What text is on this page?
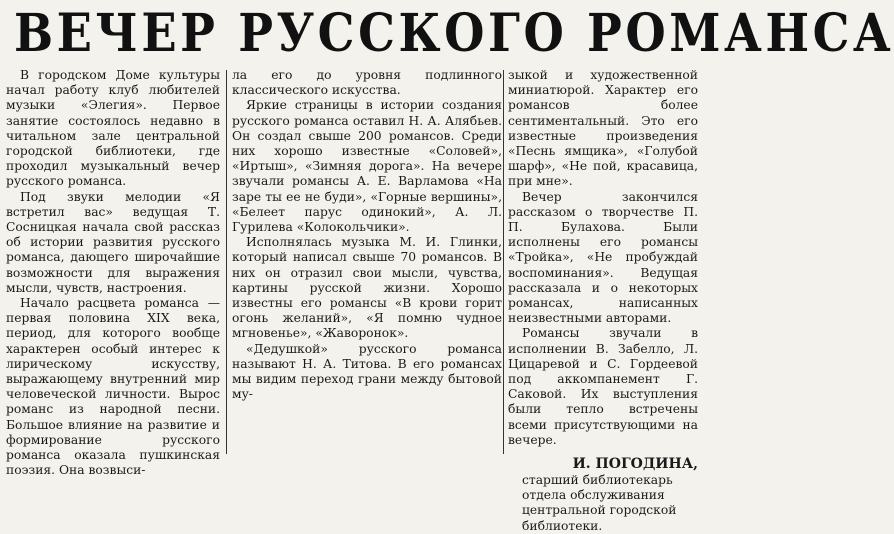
ВЕЧЕР РУССКОГО РОМАНСА

В городском Доме культуры начал работу клуб любителей музыки «Элегия». Первое занятие состоялось недавно в читальном зале центральной городской библиотеки, где проходил музыкальный вечер русского романса.

Под звуки мелодии «Я встретил вас» ведущая Т. Сосницкая начала свой рассказ об истории развития русского романса, дающего широчайшие возможности для выражения мысли, чувств, настроения.

Начало расцвета романса — первая половина XIX века, период, для которого вообще характерен особый интерес к лирическому искусству, выражающему внутренний мир человеческой личности. Вырос романс из народной песни. Большое влияние на развитие и формирование русского романса оказала пушкинская поэзия. Она возвыси-

ла его до уровня подлинного классического искусства.

Яркие страницы в истории создания русского романса оставил Н. А. Алябьев. Он создал свыше 200 романсов. Среди них хорошо известные «Соловей», «Иртыш», «Зимняя дорога». На вечере звучали романсы А. Е. Варламова «На заре ты ее не буди», «Горные вершины», «Белеет парус одинокий», А. Л. Гурилева «Колокольчики».

Исполнялась музыка М. И. Глинки, который написал свыше 70 романсов. В них он отразил свои мысли, чувства, картины русской жизни. Хорошо известны его романсы «В крови горит огонь желаний», «Я помню чудное мгновенье», «Жаворонок».

«Дедушкой» русского романса называют Н. А. Титова. В его романсах мы видим переход грани между бытовой му-

зыкой и художественной миниатюрой. Характер его романсов более сентиментальный. Это его известные произведения «Песнь ямщика», «Голубой шарф», «Не пой, красавица, при мне».

Вечер закончился рассказом о творчестве П. П. Булахова. Были исполнены его романсы «Тройка», «Не пробуждай воспоминания». Ведущая рассказала и о некоторых романсах, написанных неизвестными авторами.

Романсы звучали в исполнении В. Забелло, Л. Цицаревой и С. Гордеевой под аккомпанемент Г. Саковой. Их выступления были тепло встречены всеми присутствующими на вечере.

И. ПОГОДИНА,

старший библиотекарь

отдела обслуживания

центральной городской

библиотеки.
